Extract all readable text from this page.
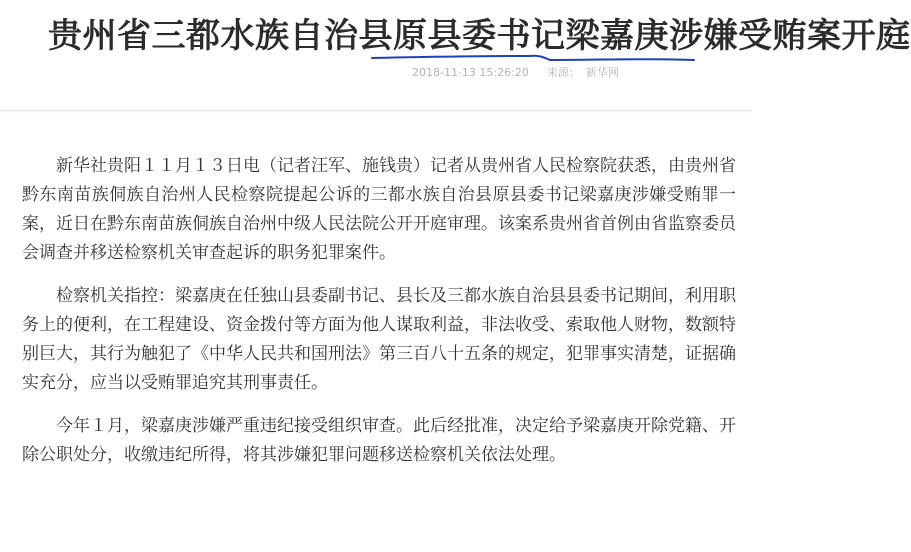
贵州省三都水族自治县原县委书记梁嘉庚涉嫌受贿案开庭
2018-11-13 15:26:20 来源： 新华网

新华社贵阳１１月１３日电（记者汪军、施钱贵）记者从贵州省人民检察院获悉，由贵州省黔东南苗族侗族自治州人民检察院提起公诉的三都水族自治县原县委书记梁嘉庚涉嫌受贿罪一案，近日在黔东南苗族侗族自治州中级人民法院公开开庭审理。该案系贵州省首例由省监察委员会调查并移送检察机关审查起诉的职务犯罪案件。

检察机关指控：梁嘉庚在任独山县委副书记、县长及三都水族自治县县委书记期间，利用职务上的便利，在工程建设、资金拨付等方面为他人谋取利益，非法收受、索取他人财物，数额特别巨大，其行为触犯了《中华人民共和国刑法》第三百八十五条的规定，犯罪事实清楚，证据确实充分，应当以受贿罪追究其刑事责任。

今年１月，梁嘉庚涉嫌严重违纪接受组织审查。此后经批准，决定给予梁嘉庚开除党籍、开除公职处分，收缴违纪所得，将其涉嫌犯罪问题移送检察机关依法处理。
